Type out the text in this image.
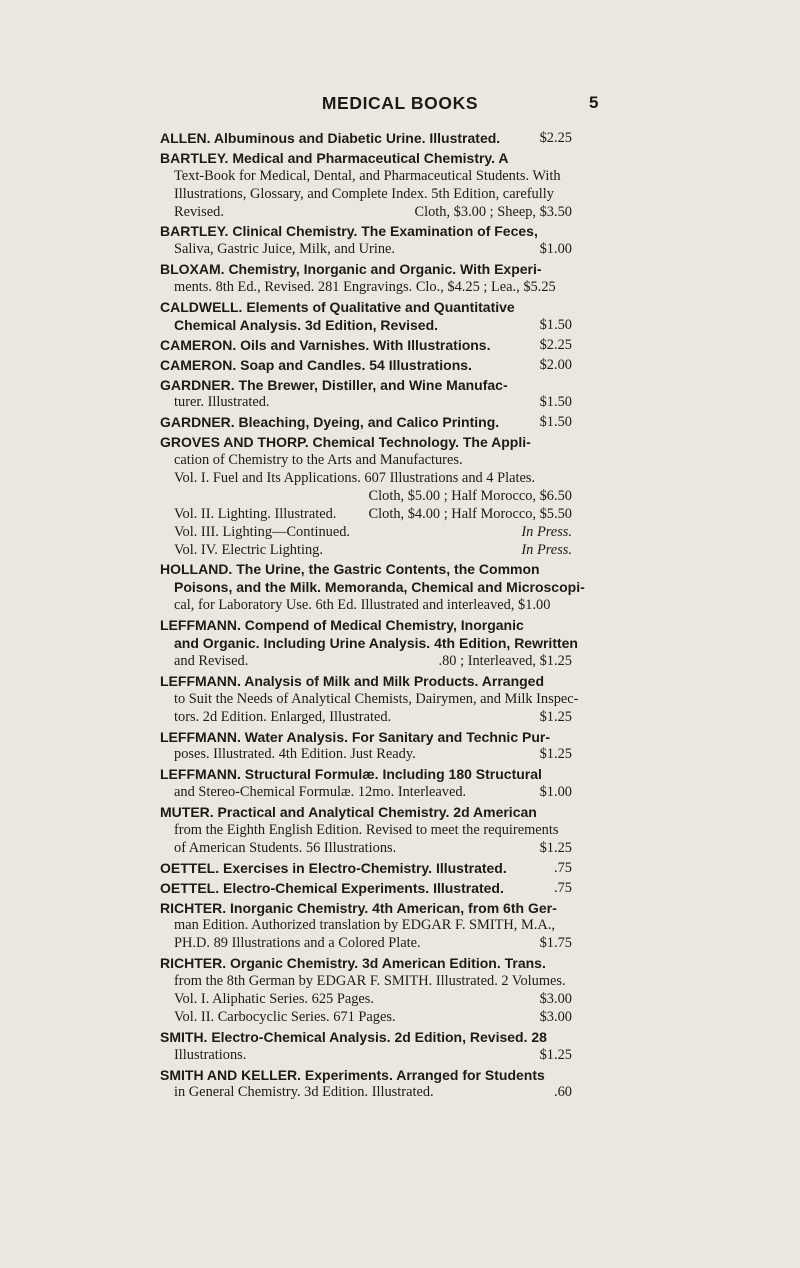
MEDICAL BOOKS	5
ALLEN. Albuminous and Diabetic Urine. Illustrated.	$2.25
BARTLEY. Medical and Pharmaceutical Chemistry. A
Text-Book for Medical, Dental, and Pharmaceutical Students. With
Illustrations, Glossary, and Complete Index. 5th Edition, carefully
Revised.	Cloth, $3.00 ; Sheep, $3.50
BARTLEY. Clinical Chemistry. The Examination of Feces,
Saliva, Gastric Juice, Milk, and Urine.	$1.00
BLOXAM. Chemistry, Inorganic and Organic. With Experi-
ments. 8th Ed., Revised. 281 Engravings. Clo., $4.25 ; Lea., $5.25
CALDWELL. Elements of Qualitative and Quantitative
Chemical Analysis. 3d Edition, Revised.	$1.50
CAMERON. Oils and Varnishes. With Illustrations.	$2.25
CAMERON. Soap and Candles. 54 Illustrations.	$2.00
GARDNER. The Brewer, Distiller, and Wine Manufac-
turer. Illustrated.	$1.50
GARDNER. Bleaching, Dyeing, and Calico Printing.	$1.50
GROVES AND THORP. Chemical Technology. The Appli-
cation of Chemistry to the Arts and Manufactures.
Vol. I. Fuel and Its Applications. 607 Illustrations and 4 Plates.
Cloth, $5.00 ; Half Morocco, $6.50
Vol. II. Lighting. Illustrated. Cloth, $4.00 ; Half Morocco, $5.50
Vol. III. Lighting—Continued.	In Press.
Vol. IV. Electric Lighting.	In Press.
HOLLAND. The Urine, the Gastric Contents, the Common
Poisons, and the Milk. Memoranda, Chemical and Microscopi-
cal, for Laboratory Use. 6th Ed. Illustrated and interleaved, $1.00
LEFFMANN. Compend of Medical Chemistry, Inorganic
and Organic. Including Urine Analysis. 4th Edition, Rewritten
and Revised.	.80 ; Interleaved, $1.25
LEFFMANN. Analysis of Milk and Milk Products. Arranged
to Suit the Needs of Analytical Chemists, Dairymen, and Milk Inspec-
tors. 2d Edition. Enlarged, Illustrated.	$1.25
LEFFMANN. Water Analysis. For Sanitary and Technic Pur-
poses. Illustrated. 4th Edition. Just Ready.	$1.25
LEFFMANN. Structural Formulæ. Including 180 Structural
and Stereo-Chemical Formulæ. 12mo. Interleaved.	$1.00
MUTER. Practical and Analytical Chemistry. 2d American
from the Eighth English Edition. Revised to meet the requirements
of American Students. 56 Illustrations.	$1.25
OETTEL. Exercises in Electro-Chemistry. Illustrated.	.75
OETTEL. Electro-Chemical Experiments. Illustrated.	.75
RICHTER. Inorganic Chemistry. 4th American, from 6th Ger-
man Edition. Authorized translation by EDGAR F. SMITH, M.A.,
PH.D. 89 Illustrations and a Colored Plate.	$1.75
RICHTER. Organic Chemistry. 3d American Edition. Trans.
from the 8th German by EDGAR F. SMITH. Illustrated. 2 Volumes.
Vol. I. Aliphatic Series. 625 Pages.	$3.00
Vol. II. Carbocyclic Series. 671 Pages.	$3.00
SMITH. Electro-Chemical Analysis. 2d Edition, Revised. 28
Illustrations.	$1.25
SMITH AND KELLER. Experiments. Arranged for Students
in General Chemistry. 3d Edition. Illustrated.	.60
